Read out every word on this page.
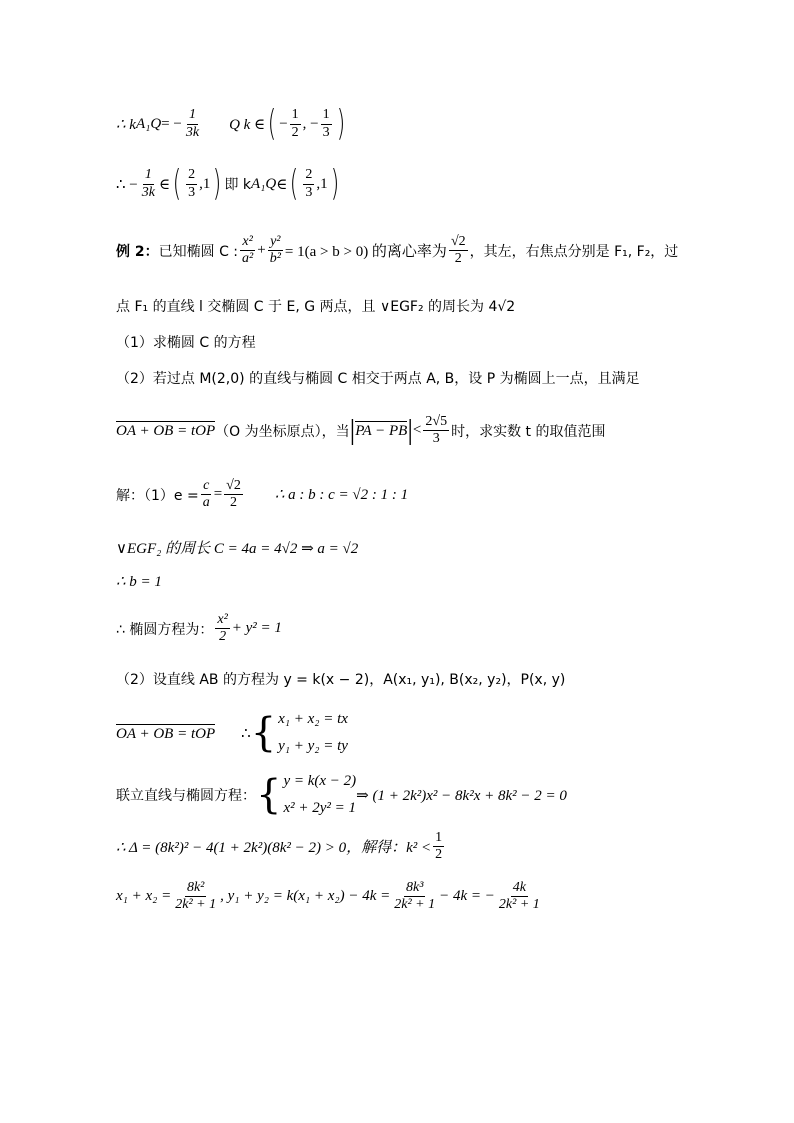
∴ k A₁Q = − $\frac{1}{3k}$ Q k ∈ ( − $\frac{1}{2}$ , − $\frac{1}{3}$ )
∴ − $\frac{1}{3k}$ ∈ ( $\frac{2}{3} ,1$ ) 即 k A₁Q ∈ ( $\frac{2}{3} ,1$ )
例 2： 已知椭圆 C : $\frac{\text{x²}}{\text{a²}} + \frac{\text{y²}}{\text{b²}} = 1(a > b > 0)$ 的离心率为 $\frac{√2}{2}$ ，其左，右焦点分别是 F₁, F₂，过
点 F₁ 的直线 l 交椭圆 C 于 E, G 两点，且 ∨EGF₂ 的周长为 4√2
（1）求椭圆 C 的方程
（2）若过点 M(2,0) 的直线与椭圆 C 相交于两点 A, B，设 P 为椭圆上一点，且满足
OA + OB = tOP （O 为坐标原点），当 | PA − PB | < $\frac{2√5}{3}$ 时，求实数 t 的取值范围
解：$(1)e = \frac{c}{a} = \frac{√2}{2}$ ∴ a : b : c = √2 : 1 : 1
∨EGF₂ 的周长 C = 4a = 4√2 ⇒ a = √2
∴ b = 1
∴ 椭圆方程为： $\frac{\text{x²}}{2} + y^2 = 1$
（2）设直线 AB 的方程为 y = k(x − 2)，A(x₁, y₁), B(x₂, y₂)，P(x, y)
OA + OB = tOP ∴ { x₁ + x₂ = tx
y₁ + y₂ = ty
联立直线与椭圆方程： { y = k(x − 2)
x² + 2y² = 1
⇒ (1 + 2k²)x² − 8k²x + 8k² − 2 = 0
∴ Δ = (8k²)² − 4(1 + 2k²)(8k² − 2) > 0，解得：$k^2 < \frac{1}{2}$
$x_1 + x_2 = \frac{\text{8k²}}{\text{2k² + 1}}$ , $y_1 + y_2 = k(x_1 + x_2) - 4k = \frac{\text{8k³}}{\text{2k² + 1}} - 4k$ = − $\frac{4k}{\text{2k² + 1}}$
